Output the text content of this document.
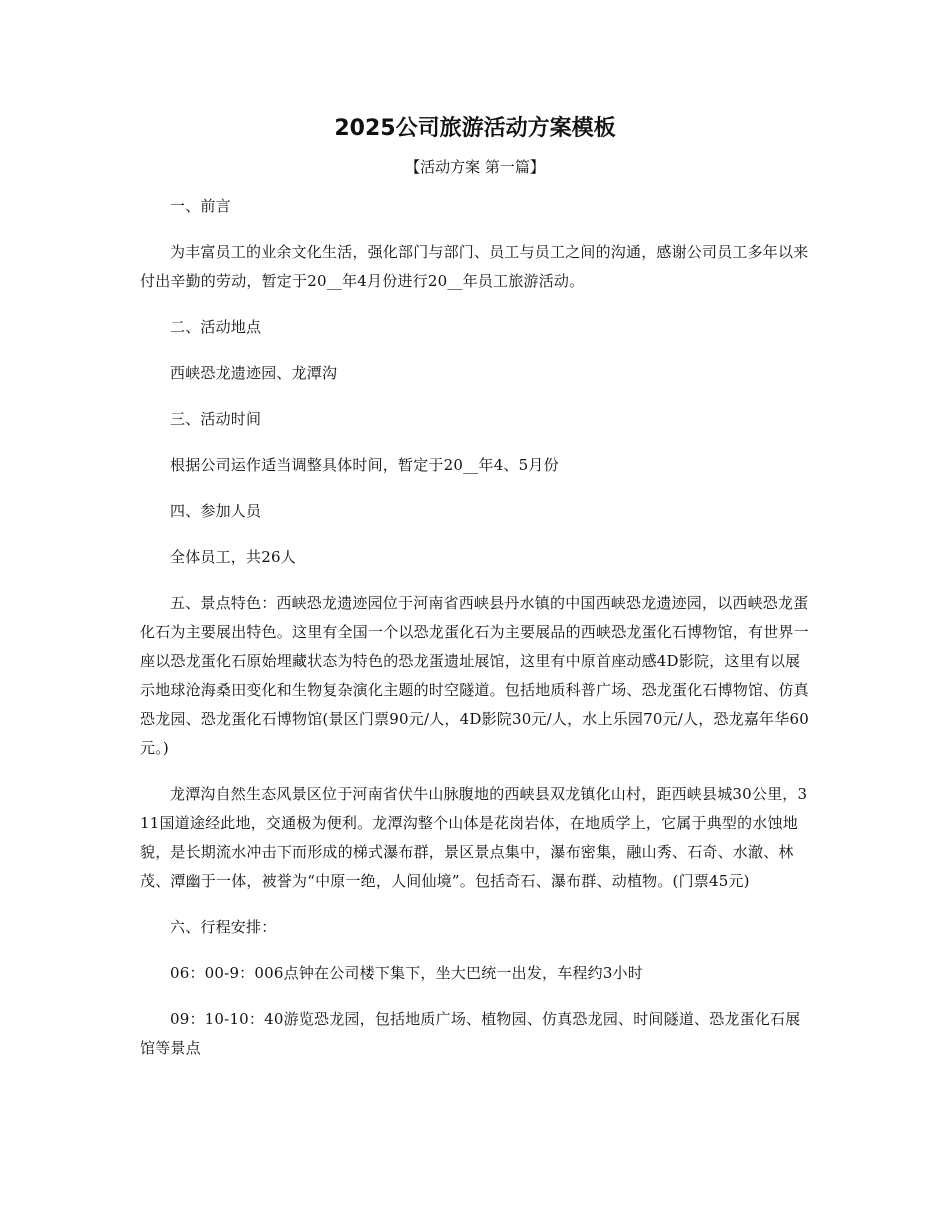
2025公司旅游活动方案模板

【活动方案 第一篇】

一、前言

为丰富员工的业余文化生活，强化部门与部门、员工与员工之间的沟通，感谢公司员工多年以来付出辛勤的劳动，暂定于20__年4月份进行20__年员工旅游活动。

二、活动地点

西峡恐龙遗迹园、龙潭沟

三、活动时间

根据公司运作适当调整具体时间，暂定于20__年4、5月份

四、参加人员

全体员工，共26人

五、景点特色：西峡恐龙遗迹园位于河南省西峡县丹水镇的中国西峡恐龙遗迹园，以西峡恐龙蛋化石为主要展出特色。这里有全国一个以恐龙蛋化石为主要展品的西峡恐龙蛋化石博物馆，有世界一座以恐龙蛋化石原始埋藏状态为特色的恐龙蛋遗址展馆，这里有中原首座动感4D影院，这里有以展示地球沧海桑田变化和生物复杂演化主题的时空隧道。包括地质科普广场、恐龙蛋化石博物馆、仿真恐龙园、恐龙蛋化石博物馆(景区门票90元/人，4D影院30元/人，水上乐园70元/人，恐龙嘉年华60元。)

龙潭沟自然生态风景区位于河南省伏牛山脉腹地的西峡县双龙镇化山村，距西峡县城30公里，311国道途经此地，交通极为便利。龙潭沟整个山体是花岗岩体，在地质学上，它属于典型的水蚀地貌，是长期流水冲击下而形成的梯式瀑布群，景区景点集中，瀑布密集，融山秀、石奇、水澈、林茂、潭幽于一体，被誉为“中原一绝，人间仙境”。包括奇石、瀑布群、动植物。(门票45元)

六、行程安排：

06：00-9：006点钟在公司楼下集下，坐大巴统一出发，车程约3小时

09：10-10：40游览恐龙园，包括地质广场、植物园、仿真恐龙园、时间隧道、恐龙蛋化石展馆等景点
